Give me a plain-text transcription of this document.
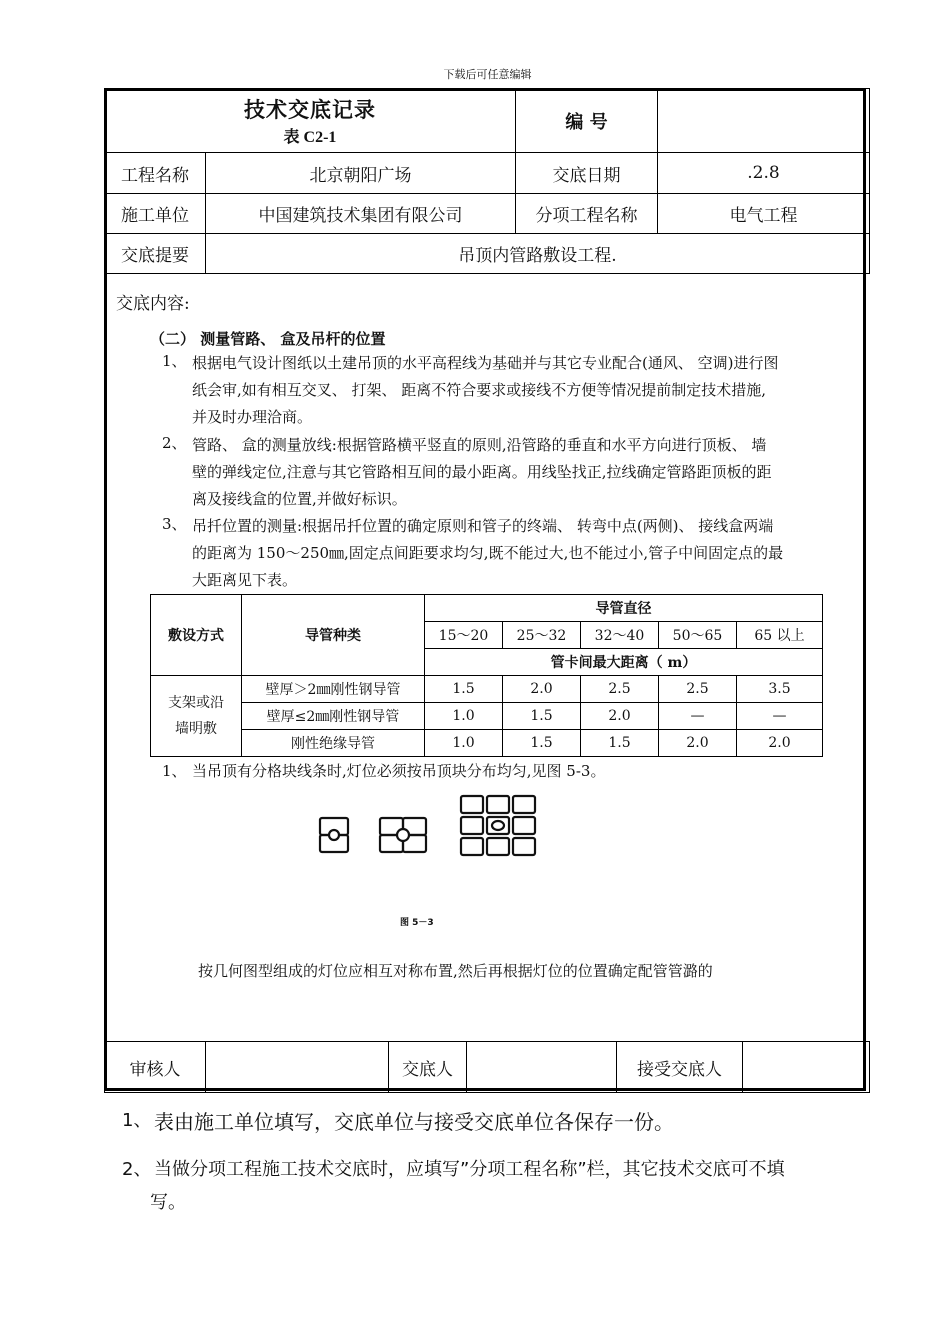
下载后可任意编辑
技术交底记录
表 C2-1		编 号	
工程名称	北京朝阳广场	交底日期	.2.8
施工单位	中国建筑技术集团有限公司	分项工程名称	电气工程
交底提要	吊顶内管路敷设工程.		
交底内容:
（二） 测量管路、 盒及吊杆的位置
1、 根据电气设计图纸以土建吊顶的水平高程线为基础并与其它专业配合(通风、 空调)进行图
纸会审,如有相互交叉、 打架、 距离不符合要求或接线不方便等情况提前制定技术措施,
并及时办理洽商。
2、 管路、 盒的测量放线:根据管路横平竖直的原则,沿管路的垂直和水平方向进行顶板、 墙
壁的弹线定位,注意与其它管路相互间的最小距离。用线坠找正,拉线确定管路距顶板的距
离及接线盒的位置,并做好标识。
3、 吊扦位置的测量:根据吊扦位置的确定原则和管子的终端、 转弯中点(两侧)、 接线盒两端
的距离为 150～250㎜,固定点间距要求均匀,既不能过大,也不能过小,管子中间固定点的最
大距离见下表。
敷设方式	导管种类	导管直径				
		15～20	25～32	32～40	50～65	65 以上
		管卡间最大距离（ m）				

支架或沿
墙明敷	壁厚＞2㎜刚性钢导管	1.5	2.0	2.5	2.5	3.5
	壁厚≤2㎜刚性钢导管	1.0	1.5	2.0	—	—
	刚性绝缘导管	1.0	1.5	1.5	2.0	2.0
1、 当吊顶有分格块线条时,灯位必须按吊顶块分布均匀,见图 5-3。
图 5－3
按几何图型组成的灯位应相互对称布置,然后再根据灯位的位置确定配管管潞的
审核人		交底人		接受交底人	
1、 表由施工单位填写，交底单位与接受交底单位各保存一份。
2、 当做分项工程施工技术交底时，应填写”分项工程名称”栏，其它技术交底可不填
写。
